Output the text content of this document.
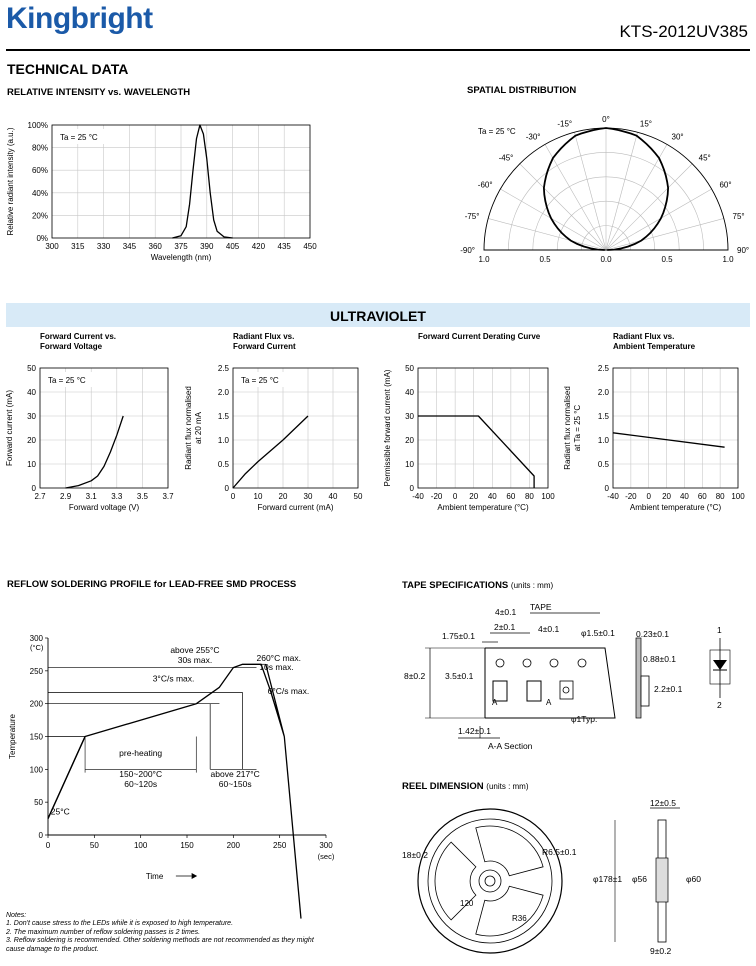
Kingbright	KTS-2012UV385
TECHNICAL DATA
RELATIVE INTENSITY vs. WAVELENGTH	SPATIAL DISTRIBUTION
300 315 330 345 360 375 390 405 420 435 450
0%
20%
40%
60%
80%
100%
Wavelength (nm)
Relative radiant intensity (a.u.)	Ta = 25 °C
0°
-15°
-30°
-45°
-60°
-75°
-90°
15°
30°
45°
60°
75°
90°
1.0	0.5	0.0	0.5	1.0
Ta = 25 °C
ULTRAVIOLET
2.7 2.9 3.1 3.3 3.5 3.7
0
10
20
30
40
50
Forward voltage (V)
Forward current (mA)
Ta = 25 °C
Forward Current vs.
Forward Voltage
0 10 20 30 40 50
0
0.5
1.0
1.5
2.0
2.5
Forward current (mA)
Radiant flux normalised at 20 mA
Ta = 25 °C
Radiant Flux vs.
Forward Current
-40 -20 0 20 40 60 80 100
0
10
20
30
40
50
Ambient temperature (°C)
Permissible forward current (mA)
Forward Current Derating Curve
-40 -20 0 20 40 60 80 100
0
0.5
1.0
1.5
2.0
2.5
Ambient temperature (°C)
Radiant flux normalised at Ta = 25 °C
Radiant Flux vs.
Ambient Temperature
REFLOW SOLDERING PROFILE for LEAD-FREE SMD PROCESS
0	50	100	150	200	250	300
0
50
100
150
200
250
300
(°C)
(sec)
Temperature
Time
25°C
above 255°C
30s max.	260°C max.
10s max.
3°C/s max.
6°C/s max.
pre-heating
150~200°C
60~120s
above 217°C
60~150s
TAPE SPECIFICATIONS (units : mm)
TAPE
4±0.1
2±0.1	4±0.1	φ1.5±0.1
1.75±0.1
8±0.2 3.5±0.1
1.42±0.1
φ1Typ.
A-A Section
A	A
0.23±0.1
0.88±0.1
2.2±0.1
1
2
REEL DIMENSION (units : mm)
18±0.2	R6.5±0.1
120
R36
12±0.5
φ178±1 φ56	φ60
9±0.2
Notes:
1. Don't cause stress to the LEDs while it is exposed to high temperature.
2. The maximum number of reflow soldering passes is 2 times.
3. Reflow soldering is recommended. Other soldering methods are not recommended as they might
cause damage to the product.
